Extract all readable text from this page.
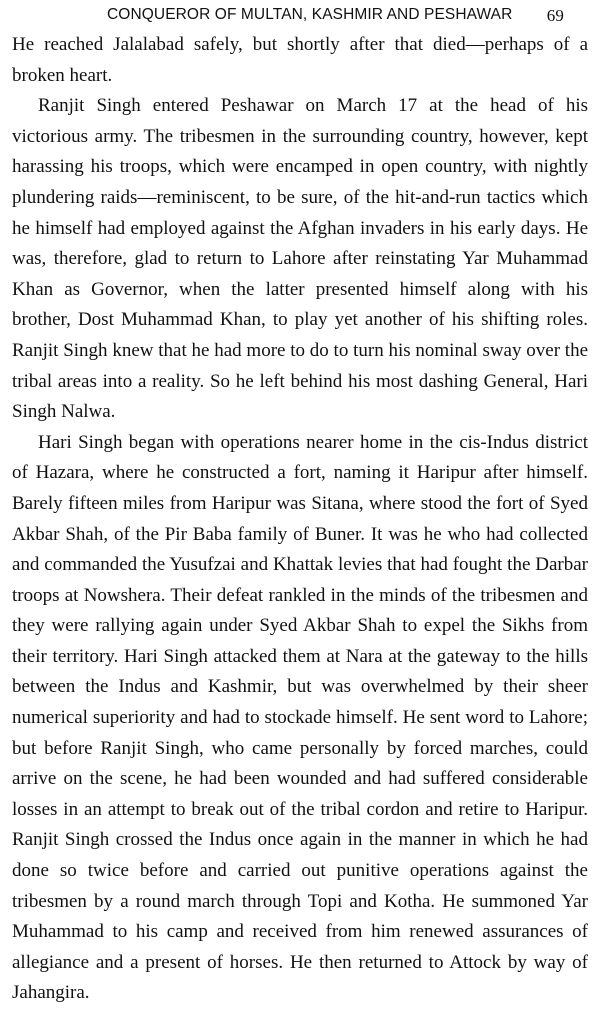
CONQUEROR OF MULTAN, KASHMIR AND PESHAWAR 69

He reached Jalalabad safely, but shortly after that died—perhaps of a broken heart.

Ranjit Singh entered Peshawar on March 17 at the head of his victorious army. The tribesmen in the surrounding country, however, kept harassing his troops, which were encamped in open country, with nightly plundering raids—reminiscent, to be sure, of the hit-and-run tactics which he himself had employed against the Afghan invaders in his early days. He was, therefore, glad to return to Lahore after reinstating Yar Muhammad Khan as Governor, when the latter presented himself along with his brother, Dost Muhammad Khan, to play yet another of his shifting roles. Ranjit Singh knew that he had more to do to turn his nominal sway over the tribal areas into a reality. So he left behind his most dashing General, Hari Singh Nalwa.

Hari Singh began with operations nearer home in the cis-Indus district of Hazara, where he constructed a fort, naming it Haripur after himself. Barely fifteen miles from Haripur was Sitana, where stood the fort of Syed Akbar Shah, of the Pir Baba family of Buner. It was he who had collected and commanded the Yusufzai and Khattak levies that had fought the Darbar troops at Nowshera. Their defeat rankled in the minds of the tribesmen and they were rallying again under Syed Akbar Shah to expel the Sikhs from their territory. Hari Singh attacked them at Nara at the gateway to the hills between the Indus and Kashmir, but was overwhelmed by their sheer numerical superiority and had to stockade himself. He sent word to Lahore; but before Ranjit Singh, who came personally by forced marches, could arrive on the scene, he had been wounded and had suffered considerable losses in an attempt to break out of the tribal cordon and retire to Haripur. Ranjit Singh crossed the Indus once again in the manner in which he had done so twice before and carried out punitive operations against the tribesmen by a round march through Topi and Kotha. He summoned Yar Muhammad to his camp and received from him renewed assurances of allegiance and a present of horses. He then returned to Attock by way of Jahangira.
